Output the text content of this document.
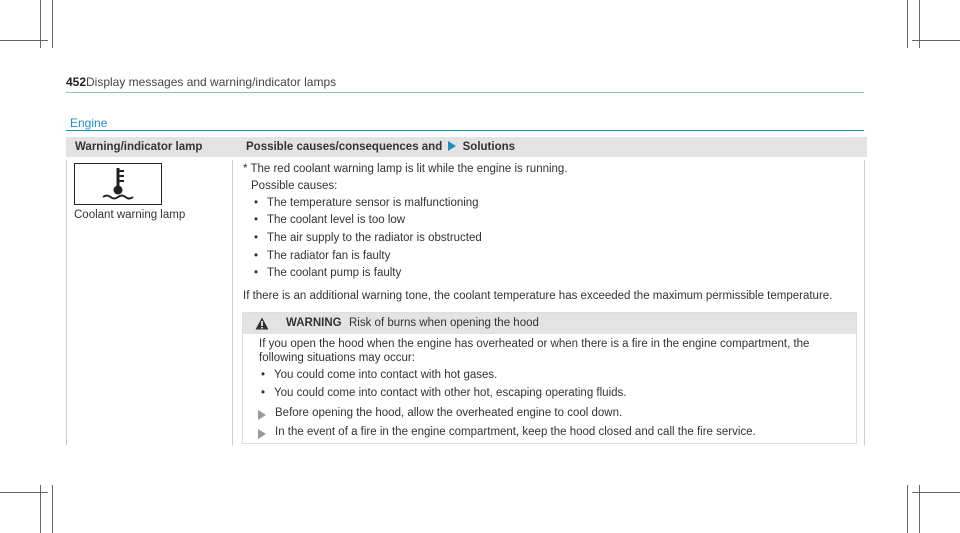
452 Display messages and warning/indicator lamps
Engine
Warning/indicator lamp	Possible causes/consequences and Solutions
Coolant warning lamp
* The red coolant warning lamp is lit while the engine is running.
Possible causes:
• The temperature sensor is malfunctioning
• The coolant level is too low
• The air supply to the radiator is obstructed
• The radiator fan is faulty
• The coolant pump is faulty
If there is an additional warning tone, the coolant temperature has exceeded the maximum permissible temperature.
WARNING Risk of burns when opening the hood
If you open the hood when the engine has overheated or when there is a fire in the engine compartment, the
following situations may occur:
• You could come into contact with hot gases.
• You could come into contact with other hot, escaping operating fluids.
Before opening the hood, allow the overheated engine to cool down.
In the event of a fire in the engine compartment, keep the hood closed and call the fire service.
